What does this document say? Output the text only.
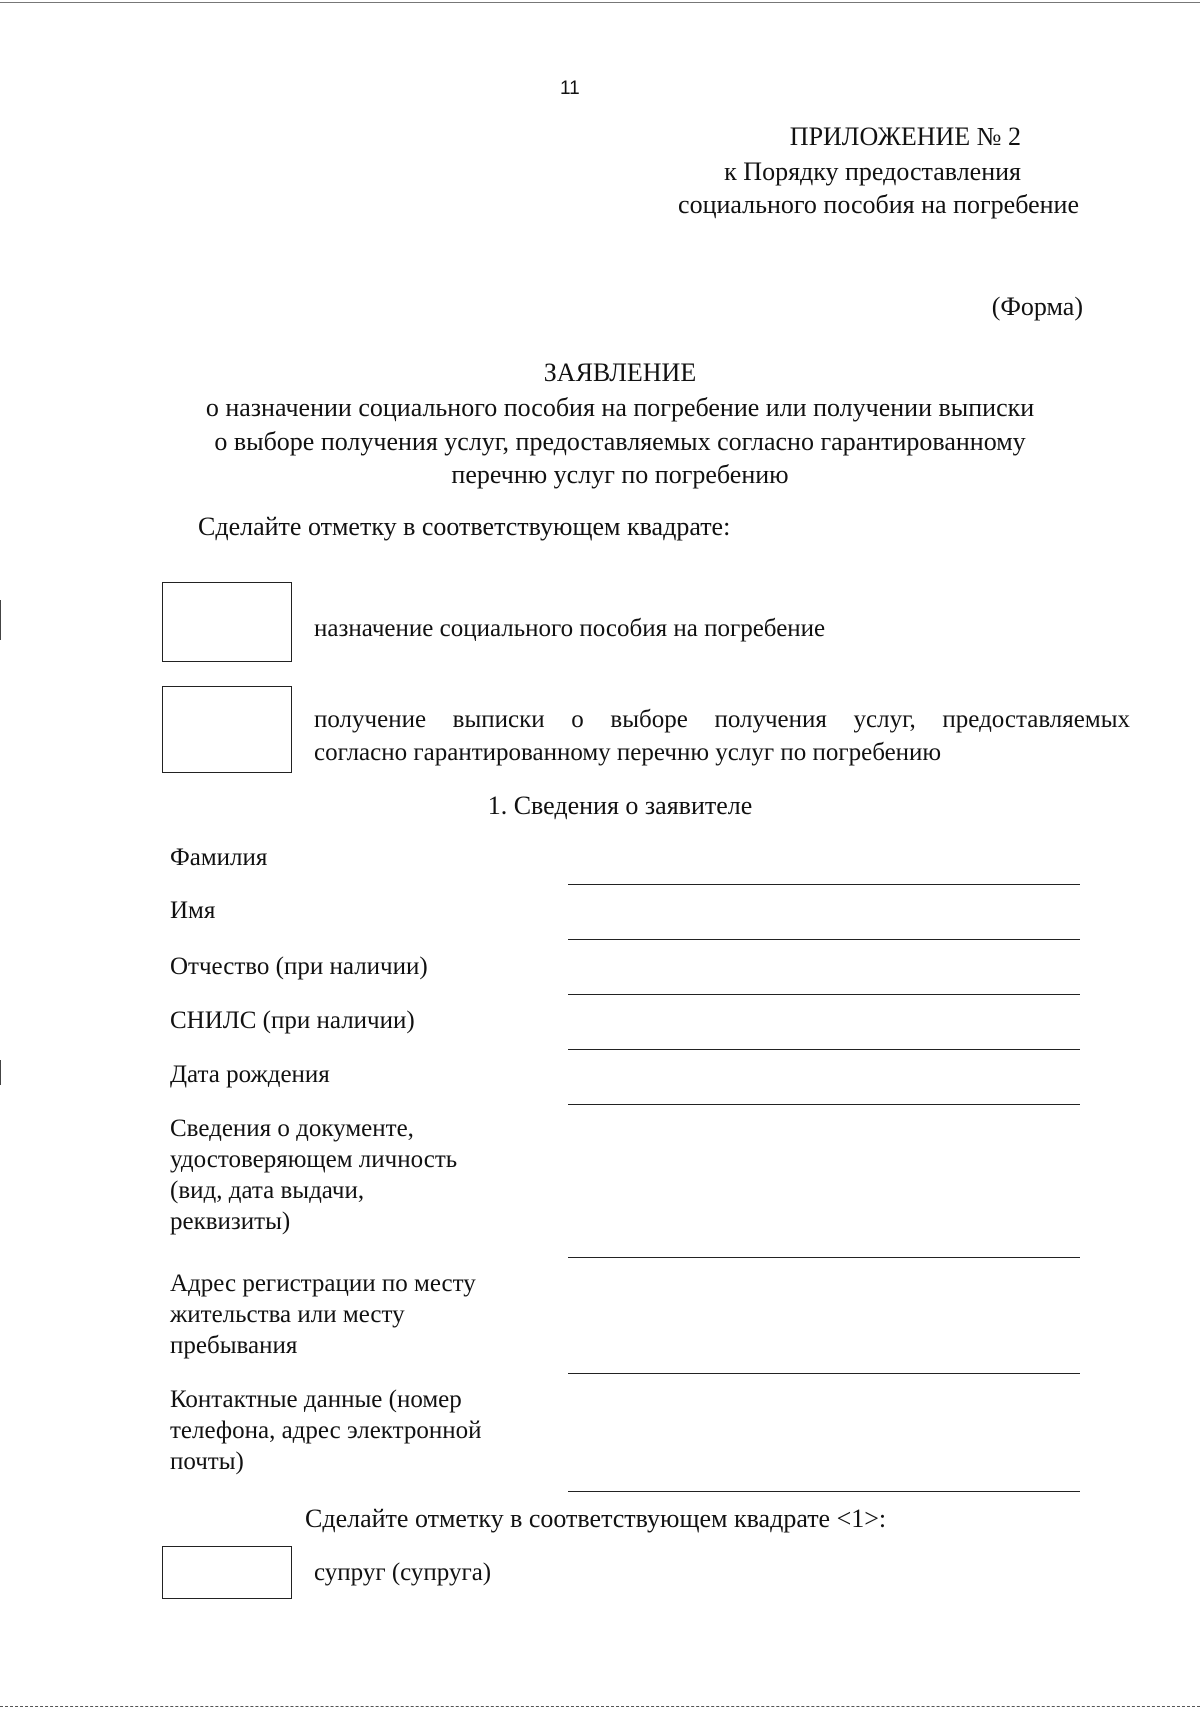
11
ПРИЛОЖЕНИЕ № 2
к Порядку предоставления
социального пособия на погребение
(Форма)
ЗАЯВЛЕНИЕ
о назначении социального пособия на погребение или получении выписки
о выборе получения услуг, предоставляемых согласно гарантированному
перечню услуг по погребению
Сделайте отметку в соответствующем квадрате:
назначение социального пособия на погребение
получение выписки о выборе получения услуг, предоставляемых
согласно гарантированному перечню услуг по погребению
1. Сведения о заявителе
Фамилия
Имя
Отчество (при наличии)
СНИЛС (при наличии)
Дата рождения
Сведения о документе,
удостоверяющем личность
(вид, дата выдачи,
реквизиты)
Адрес регистрации по месту
жительства или месту
пребывания
Контактные данные (номер
телефона, адрес электронной
почты)
Сделайте отметку в соответствующем квадрате <1>:
супруг (супруга)
